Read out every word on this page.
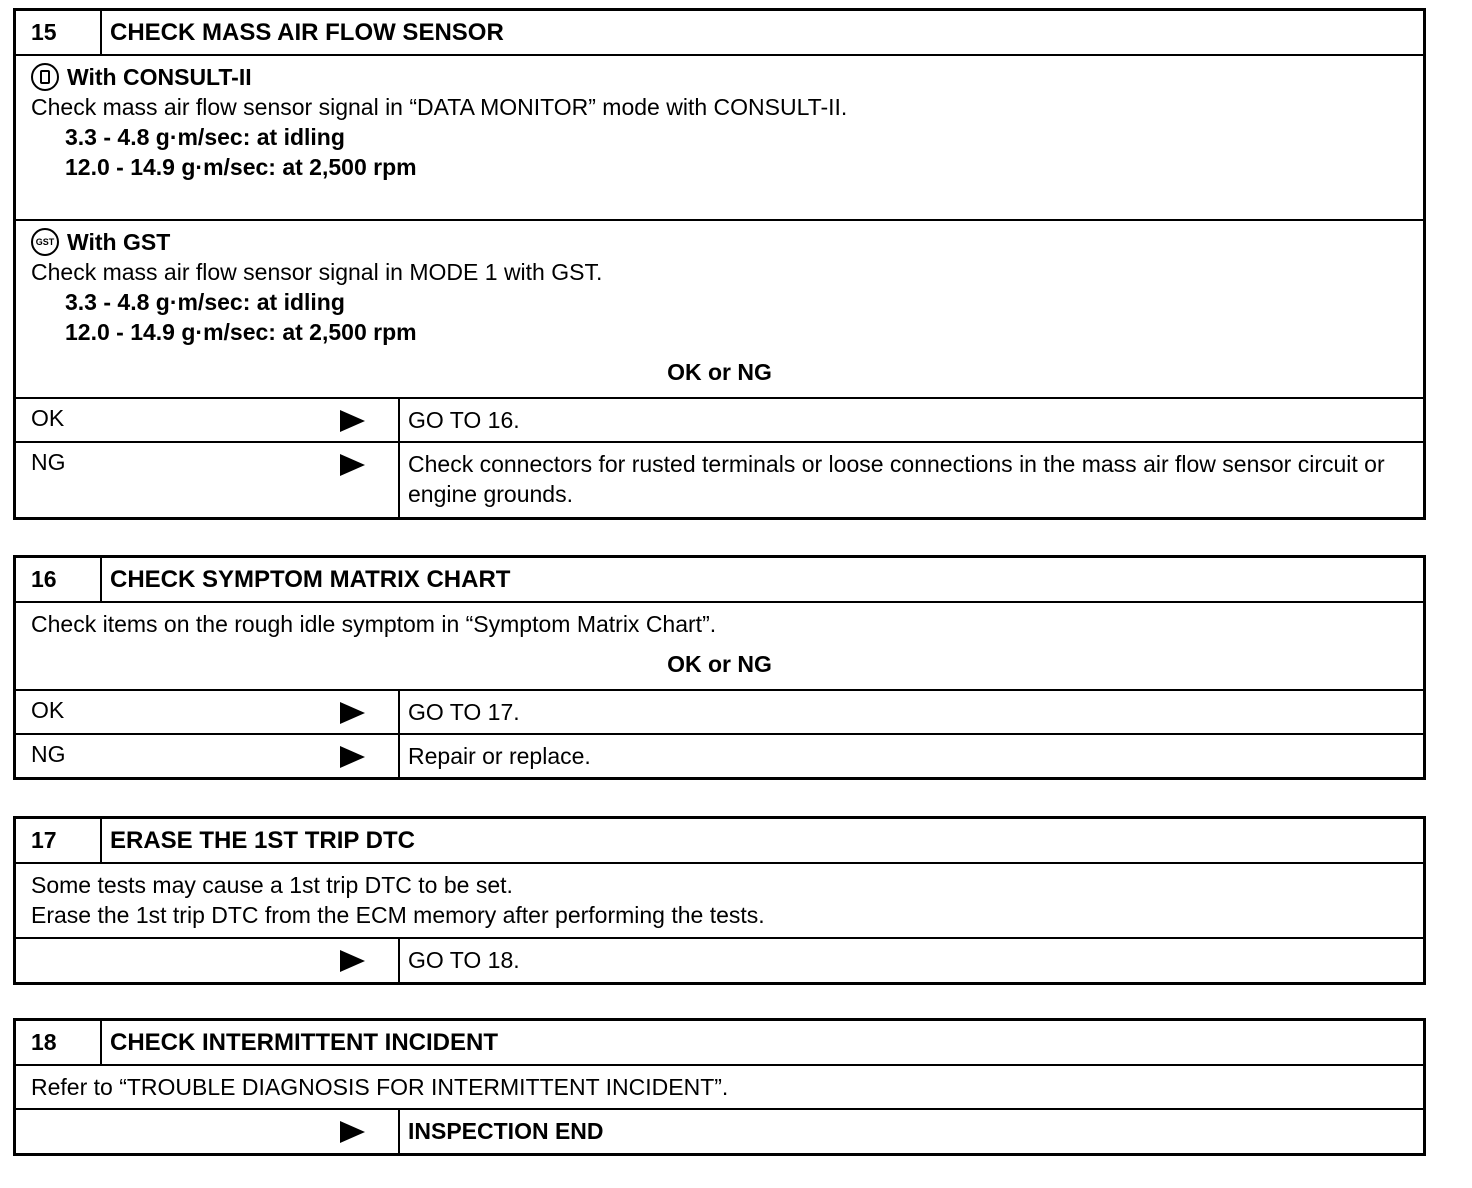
15	CHECK MASS AIR FLOW SENSOR
With CONSULT-II
Check mass air flow sensor signal in “DATA MONITOR” mode with CONSULT-II.
3.3 - 4.8 g·m/sec: at idling
12.0 - 14.9 g·m/sec: at 2,500 rpm
GST With GST
Check mass air flow sensor signal in MODE 1 with GST.
3.3 - 4.8 g·m/sec: at idling
12.0 - 14.9 g·m/sec: at 2,500 rpm
OK or NG
OK	GO TO 16.
NG	Check connectors for rusted terminals or loose connections in the mass air flow sensor circuit or engine grounds.
16	CHECK SYMPTOM MATRIX CHART
Check items on the rough idle symptom in “Symptom Matrix Chart”.
OK or NG
OK	GO TO 17.
NG	Repair or replace.
17	ERASE THE 1ST TRIP DTC
Some tests may cause a 1st trip DTC to be set.
Erase the 1st trip DTC from the ECM memory after performing the tests.
GO TO 18.
18	CHECK INTERMITTENT INCIDENT
Refer to “TROUBLE DIAGNOSIS FOR INTERMITTENT INCIDENT”.
INSPECTION END
